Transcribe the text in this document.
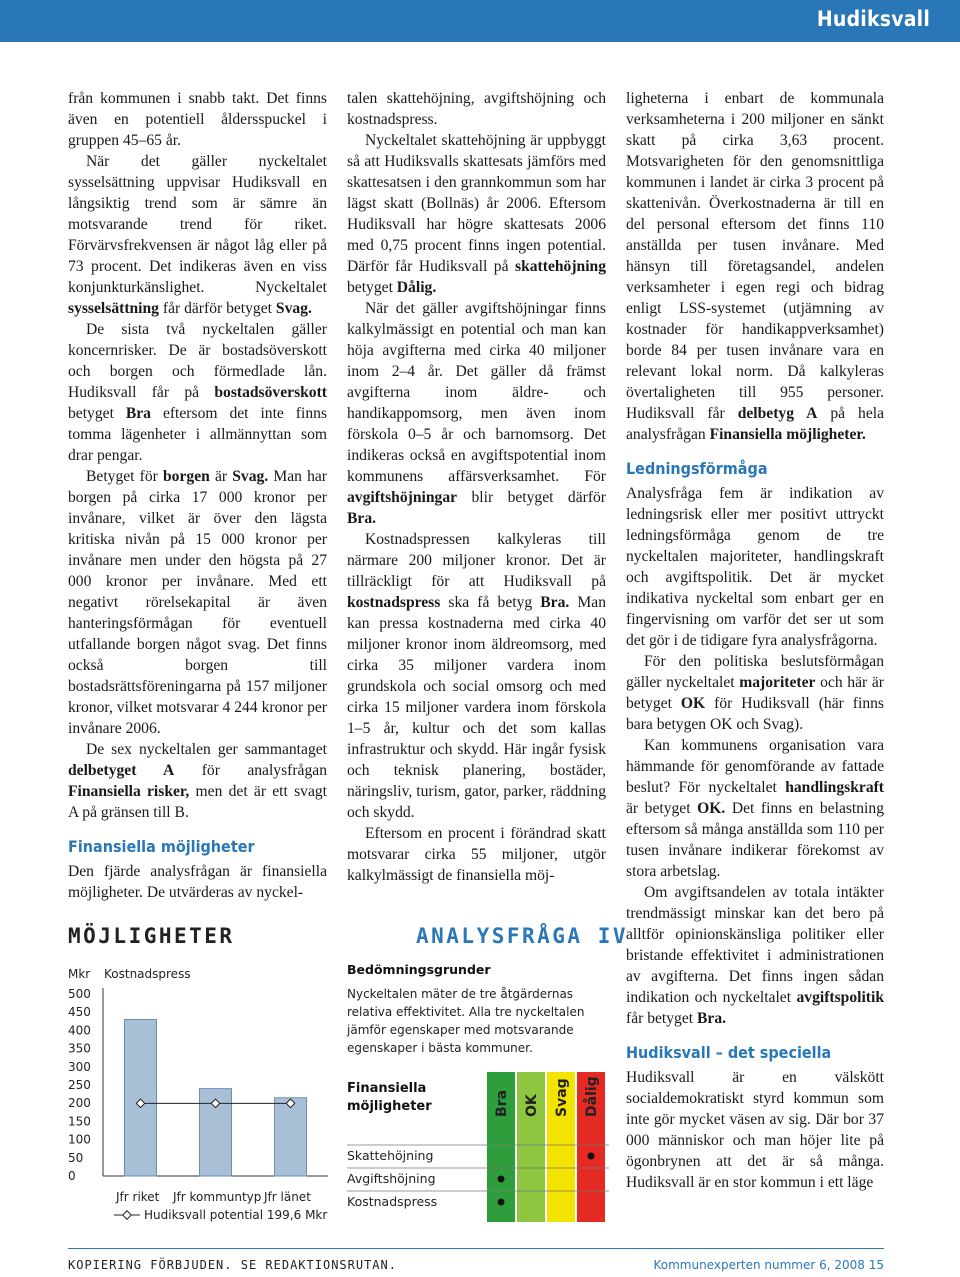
Hudiksvall

från kommunen i snabb takt. Det finns även en potentiell åldersspuckel i gruppen 45–65 år.

När det gäller nyckeltalet sysselsättning uppvisar Hudiksvall en långsiktig trend som är sämre än motsvarande trend för riket. Förvärvsfrekvensen är något låg eller på 73 procent. Det indikeras även en viss konjunkturkänslighet. Nyckeltalet sysselsättning får därför betyget Svag.

De sista två nyckeltalen gäller koncernrisker. De är bostadsöverskott och borgen och förmedlade lån. Hudiksvall får på bostadsöverskott betyget Bra eftersom det inte finns tomma lägenheter i allmännyttan som drar pengar.

Betyget för borgen är Svag. Man har borgen på cirka 17 000 kronor per invånare, vilket är över den lägsta kritiska nivån på 15 000 kronor per invånare men under den högsta på 27 000 kronor per invånare. Med ett negativt rörelsekapital är även hanteringsförmågan för eventuell utfallande borgen något svag. Det finns också borgen till bostadsrättsföreningarna på 157 miljoner kronor, vilket motsvarar 4 244 kronor per invånare 2006.

De sex nyckeltalen ger sammantaget delbetyget A för analysfrågan Finansiella risker, men det är ett svagt A på gränsen till B.

Finansiella möjligheter

Den fjärde analysfrågan är finansiella möjligheter. De utvärderas av nyckel-

talen skattehöjning, avgiftshöjning och kostnadspress.

Nyckeltalet skattehöjning är uppbyggt så att Hudiksvalls skattesats jämförs med skattesatsen i den grannkommun som har lägst skatt (Bollnäs) år 2006. Eftersom Hudiksvall har högre skattesats 2006 med 0,75 procent finns ingen potential. Därför får Hudiksvall på skattehöjning betyget Dålig.

När det gäller avgiftshöjningar finns kalkylmässigt en potential och man kan höja avgifterna med cirka 40 miljoner inom 2–4 år. Det gäller då främst avgifterna inom äldre- och handikappomsorg, men även inom förskola 0–5 år och barnomsorg. Det indikeras också en avgiftspotential inom kommunens affärsverksamhet. För avgiftshöjningar blir betyget därför Bra.

Kostnadspressen kalkyleras till närmare 200 miljoner kronor. Det är tillräckligt för att Hudiksvall på kostnadspress ska få betyg Bra. Man kan pressa kostnaderna med cirka 40 miljoner kronor inom äldreomsorg, med cirka 35 miljoner vardera inom grundskola och social omsorg och med cirka 15 miljoner vardera inom förskola 1–5 år, kultur och det som kallas infrastruktur och skydd. Här ingår fysisk och teknisk planering, bostäder, näringsliv, turism, gator, parker, räddning och skydd.

Eftersom en procent i förändrad skatt motsvarar cirka 55 miljoner, utgör kalkylmässigt de finansiella möj-

ligheterna i enbart de kommunala verksamheterna i 200 miljoner en sänkt skatt på cirka 3,63 procent. Motsvarigheten för den genomsnittliga kommunen i landet är cirka 3 procent på skattenivån. Överkostnaderna är till en del personal eftersom det finns 110 anställda per tusen invånare. Med hänsyn till företagsandel, andelen verksamheter i egen regi och bidrag enligt LSS-systemet (utjämning av kostnader för handikappverksamhet) borde 84 per tusen invånare vara en relevant lokal norm. Då kalkyleras övertaligheten till 955 personer. Hudiksvall får delbetyg A på hela analysfrågan Finansiella möjligheter.

Ledningsförmåga

Analysfråga fem är indikation av ledningsrisk eller mer positivt uttryckt ledningsförmåga genom de tre nyckeltalen majoriteter, handlingskraft och avgiftspolitik. Det är mycket indikativa nyckeltal som enbart ger en fingervisning om varför det ser ut som det gör i de tidigare fyra analysfrågorna.

För den politiska beslutsförmågan gäller nyckeltalet majoriteter och här är betyget OK för Hudiksvall (här finns bara betygen OK och Svag).

Kan kommunens organisation vara hämmande för genomförande av fattade beslut? För nyckeltalet handlingskraft är betyget OK. Det finns en belastning eftersom så många anställda som 110 per tusen invånare indikerar förekomst av stora arbetslag.

Om avgiftsandelen av totala intäkter trendmässigt minskar kan det bero på alltför opinionskänsliga politiker eller bristande effektivitet i administrationen av avgifterna. Det finns ingen sådan indikation och nyckeltalet avgiftspolitik får betyget Bra.

Hudiksvall – det speciella

Hudiksvall är en välskött socialdemokratiskt styrd kommun som inte gör mycket väsen av sig. Där bor 37 000 människor och man höjer lite på ögonbrynen att det är så många. Hudiksvall är en stor kommun i ett läge

MÖJLIGHETER
Mkr Kostnadspress
500
450
400
350
300
250
200
150
100
50
0
Jfr riket Jfr kommuntyp Jfr länet
Hudiksvall potential 199,6 Mkr
ANALYSFRÅGA IV
Bedömningsgrunder
Nyckeltalen mäter de tre åtgärdernas relativa effektivitet. Alla tre nyckeltalen jämför egenskaper med motsvarande egenskaper i bästa kommuner.
Bra OK Svag Dålig
Finansiella
möjligheter
Skattehöjning
Avgiftshöjning
Kostnadspress
KOPIERING FÖRBJUDEN. SE REDAKTIONSRUTAN.	Kommunexperten nummer 6, 2008 15
